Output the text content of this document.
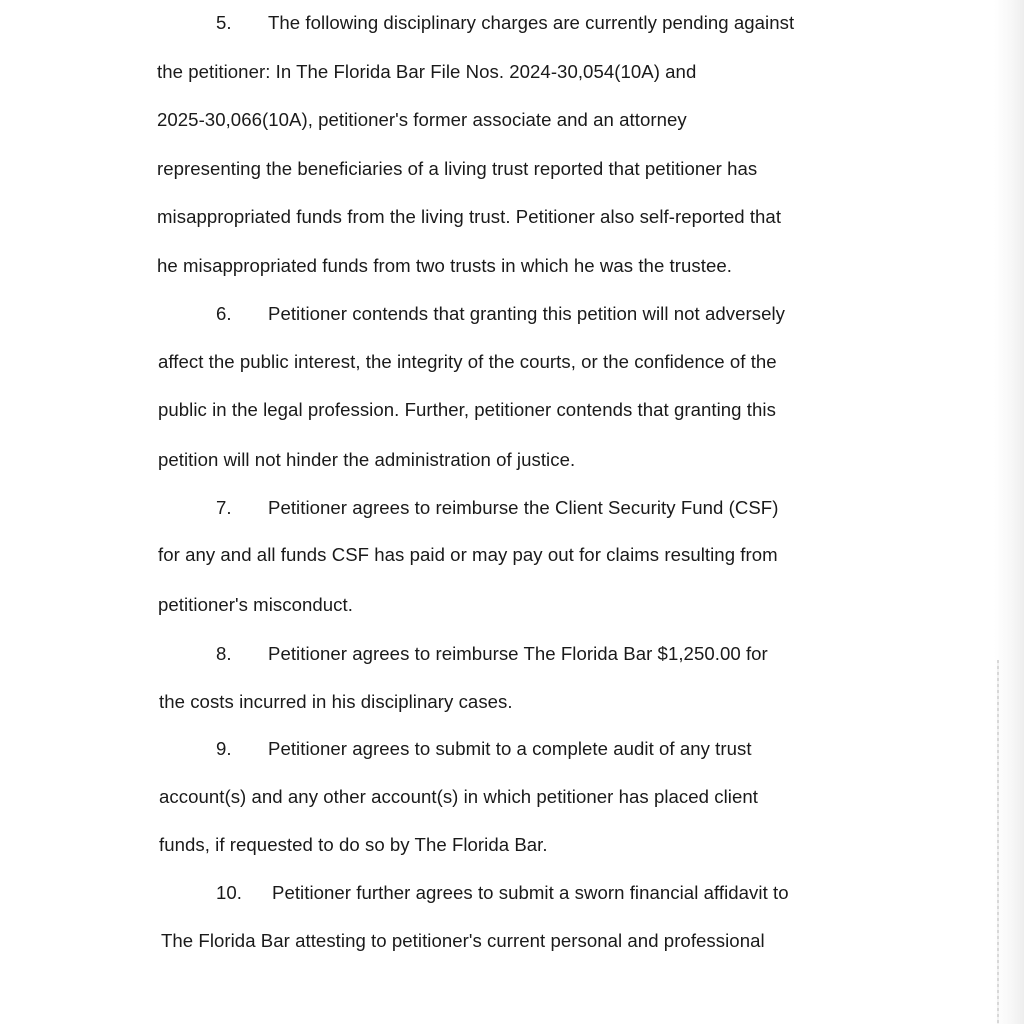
5. The following disciplinary charges are currently pending against

the petitioner: In The Florida Bar File Nos. 2024-30,054(10A) and

2025-30,066(10A), petitioner's former associate and an attorney

representing the beneficiaries of a living trust reported that petitioner has

misappropriated funds from the living trust. Petitioner also self-reported that

he misappropriated funds from two trusts in which he was the trustee.

6. Petitioner contends that granting this petition will not adversely

affect the public interest, the integrity of the courts, or the confidence of the

public in the legal profession. Further, petitioner contends that granting this

petition will not hinder the administration of justice.

7. Petitioner agrees to reimburse the Client Security Fund (CSF)

for any and all funds CSF has paid or may pay out for claims resulting from

petitioner's misconduct.

8. Petitioner agrees to reimburse The Florida Bar $1,250.00 for

the costs incurred in his disciplinary cases.

9. Petitioner agrees to submit to a complete audit of any trust

account(s) and any other account(s) in which petitioner has placed client

funds, if requested to do so by The Florida Bar.

10. Petitioner further agrees to submit a sworn financial affidavit to

The Florida Bar attesting to petitioner's current personal and professional
